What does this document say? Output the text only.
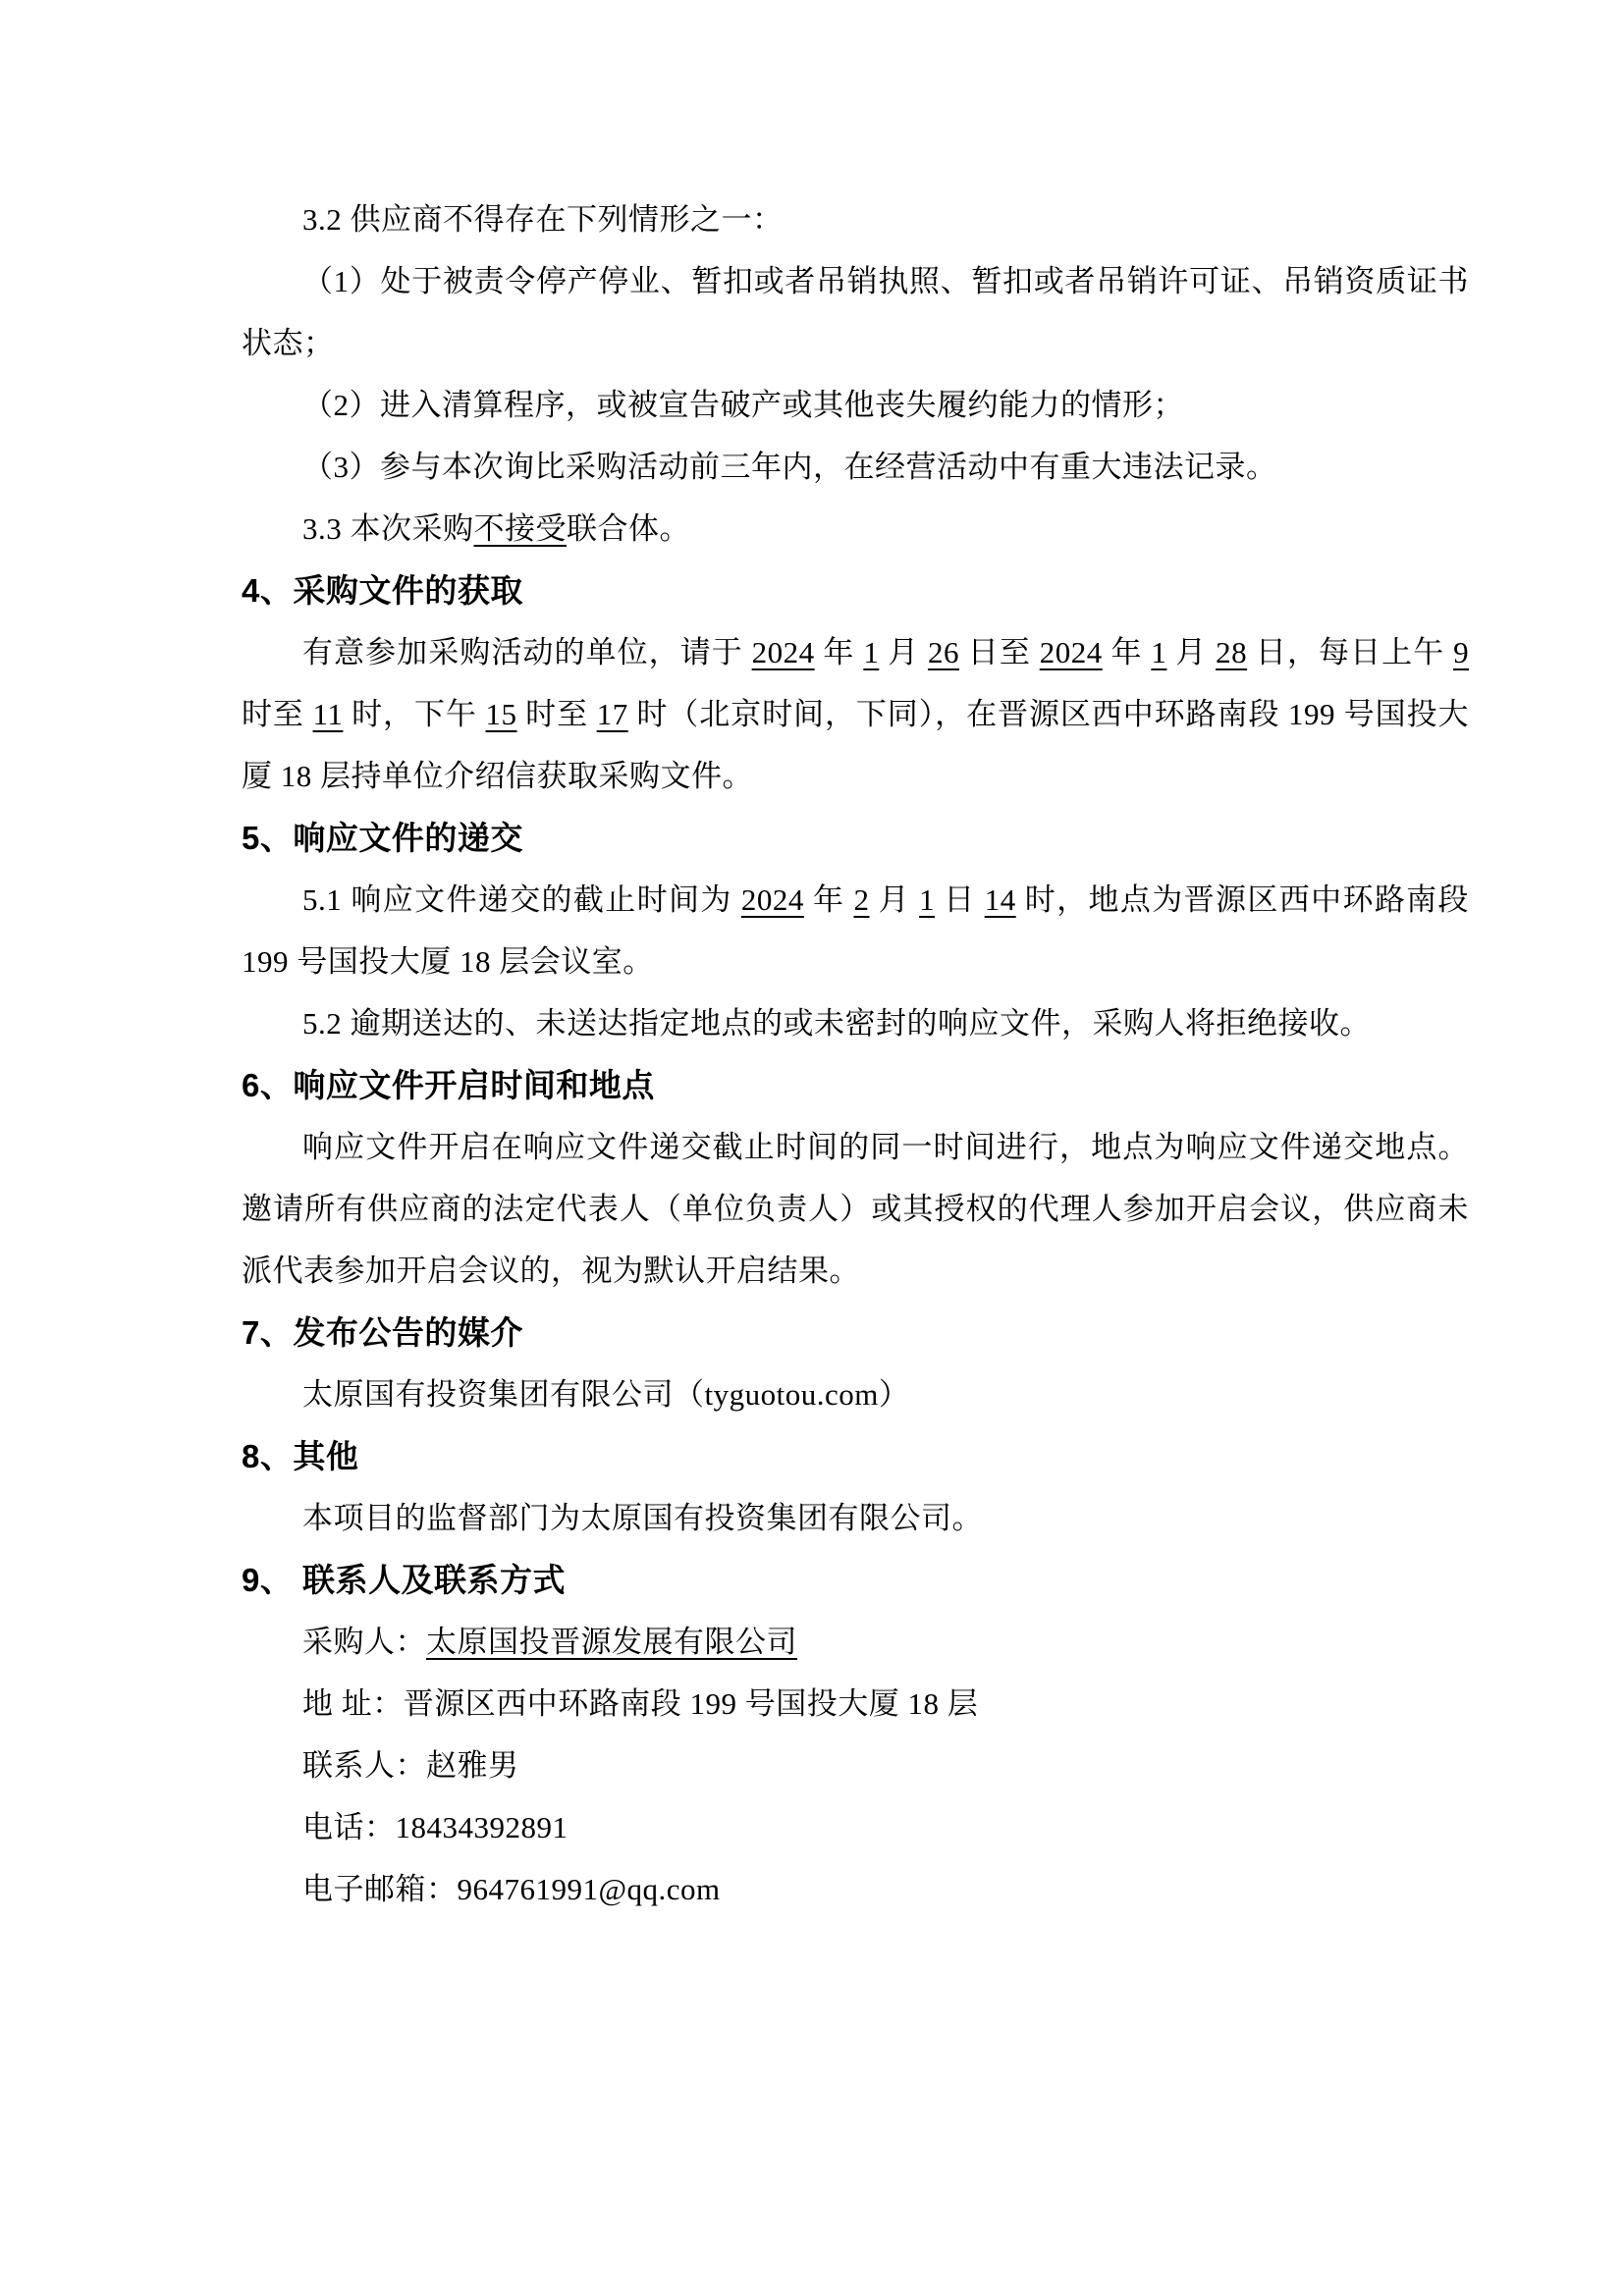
3.2 供应商不得存在下列情形之一：

（1）处于被责令停产停业、暂扣或者吊销执照、暂扣或者吊销许可证、吊销资质证书状态；

（2）进入清算程序，或被宣告破产或其他丧失履约能力的情形；

（3）参与本次询比采购活动前三年内，在经营活动中有重大违法记录。

3.3 本次采购不接受联合体。

4、采购文件的获取

有意参加采购活动的单位，请于 2024 年 1 月 26 日至 2024 年 1 月 28 日，每日上午 9 时至 11 时，下午 15 时至 17 时（北京时间，下同），在晋源区西中环路南段 199 号国投大厦 18 层持单位介绍信获取采购文件。

5、响应文件的递交

5.1 响应文件递交的截止时间为 2024 年 2 月 1 日 14 时，地点为晋源区西中环路南段 199 号国投大厦 18 层会议室。

5.2 逾期送达的、未送达指定地点的或未密封的响应文件，采购人将拒绝接收。

6、响应文件开启时间和地点

响应文件开启在响应文件递交截止时间的同一时间进行，地点为响应文件递交地点。邀请所有供应商的法定代表人（单位负责人）或其授权的代理人参加开启会议，供应商未派代表参加开启会议的，视为默认开启结果。

7、发布公告的媒介

太原国有投资集团有限公司（tyguotou.com）

8、其他

本项目的监督部门为太原国有投资集团有限公司。

9、 联系人及联系方式

采购人：太原国投晋源发展有限公司

地 址：晋源区西中环路南段 199 号国投大厦 18 层

联系人：赵雅男

电话：18434392891

电子邮箱：964761991@qq.com
